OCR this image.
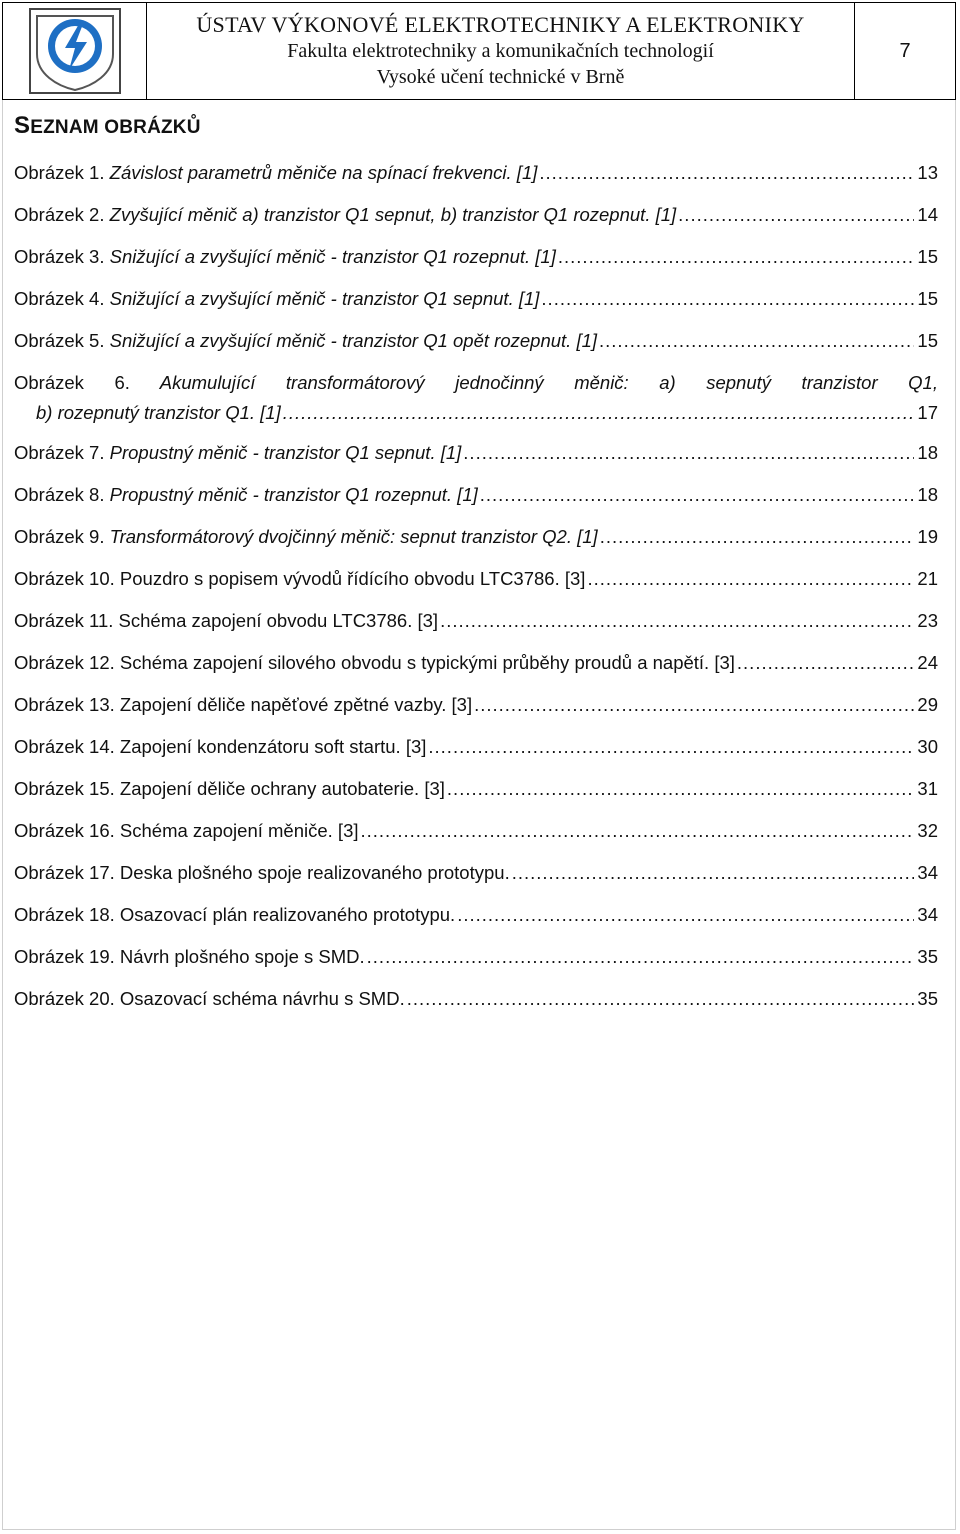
ÚSTAV VÝKONOVÉ ELEKTROTECHNIKY A ELEKTRONIKY
Fakulta elektrotechniky a komunikačních technologií
Vysoké učení technické v Brně
7
SEZNAM OBRÁZKŮ
Obrázek 1. Závislost parametrů měniče na spínací frekvenci. [1] .....	13
Obrázek 2. Zvyšující měnič a) tranzistor Q1 sepnut, b) tranzistor Q1 rozepnut. [1] .....	14
Obrázek 3. Snižující a zvyšující měnič - tranzistor Q1 rozepnut. [1] .....	15
Obrázek 4. Snižující a zvyšující měnič - tranzistor Q1 sepnut. [1] .....	15
Obrázek 5. Snižující a zvyšující měnič - tranzistor Q1 opět rozepnut. [1] .....	15
Obrázek 6. Akumulující transformátorový jednočinný měnič: a) sepnutý tranzistor Q1,
b) rozepnutý tranzistor Q1. [1] .....	17
Obrázek 7. Propustný měnič - tranzistor Q1 sepnut. [1] .....	18
Obrázek 8. Propustný měnič - tranzistor Q1 rozepnut. [1] .....	18
Obrázek 9. Transformátorový dvojčinný měnič: sepnut tranzistor Q2. [1] .....	19
Obrázek 10. Pouzdro s popisem vývodů řídícího obvodu LTC3786. [3] .....	21
Obrázek 11. Schéma zapojení obvodu LTC3786. [3] .....	23
Obrázek 12. Schéma zapojení silového obvodu s typickými průběhy proudů a napětí. [3] .....	24
Obrázek 13. Zapojení děliče napěťové zpětné vazby. [3] .....	29
Obrázek 14. Zapojení kondenzátoru soft startu. [3] .....	30
Obrázek 15. Zapojení děliče ochrany autobaterie. [3] .....	31
Obrázek 16. Schéma zapojení měniče. [3] .....	32
Obrázek 17. Deska plošného spoje realizovaného prototypu. .....	34
Obrázek 18. Osazovací plán realizovaného prototypu. .....	34
Obrázek 19. Návrh plošného spoje s SMD. .....	35
Obrázek 20. Osazovací schéma návrhu s SMD. .....	35
